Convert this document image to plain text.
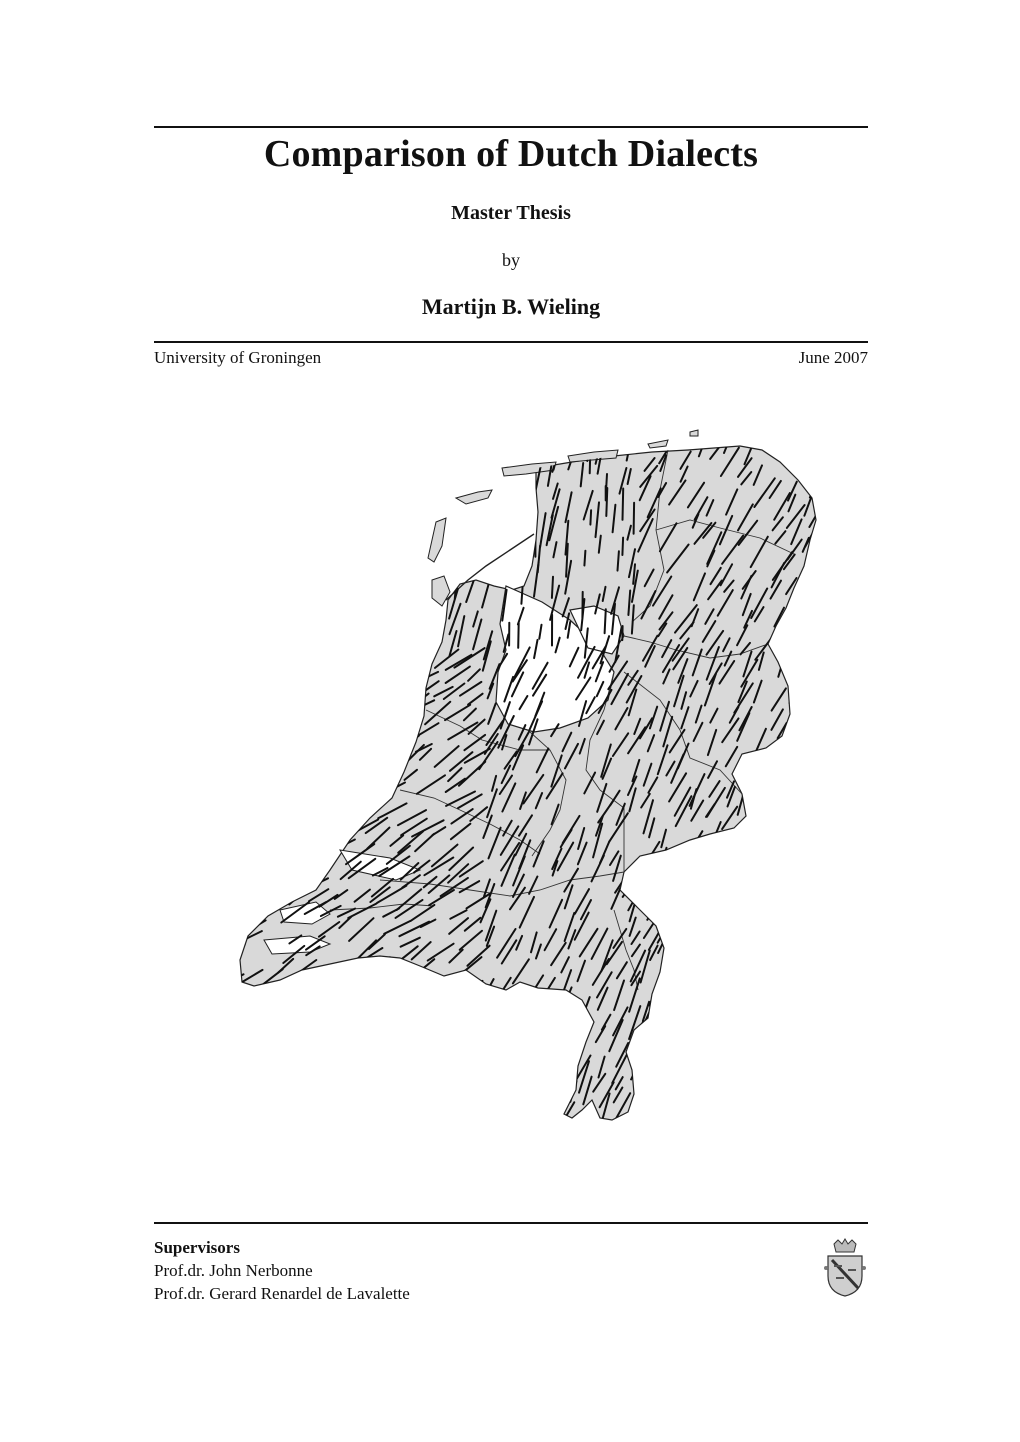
Comparison of Dutch Dialects
Master Thesis
by
Martijn B. Wieling
University of Groningen	June 2007
Supervisors
Prof.dr. John Nerbonne
Prof.dr. Gerard Renardel de Lavalette
